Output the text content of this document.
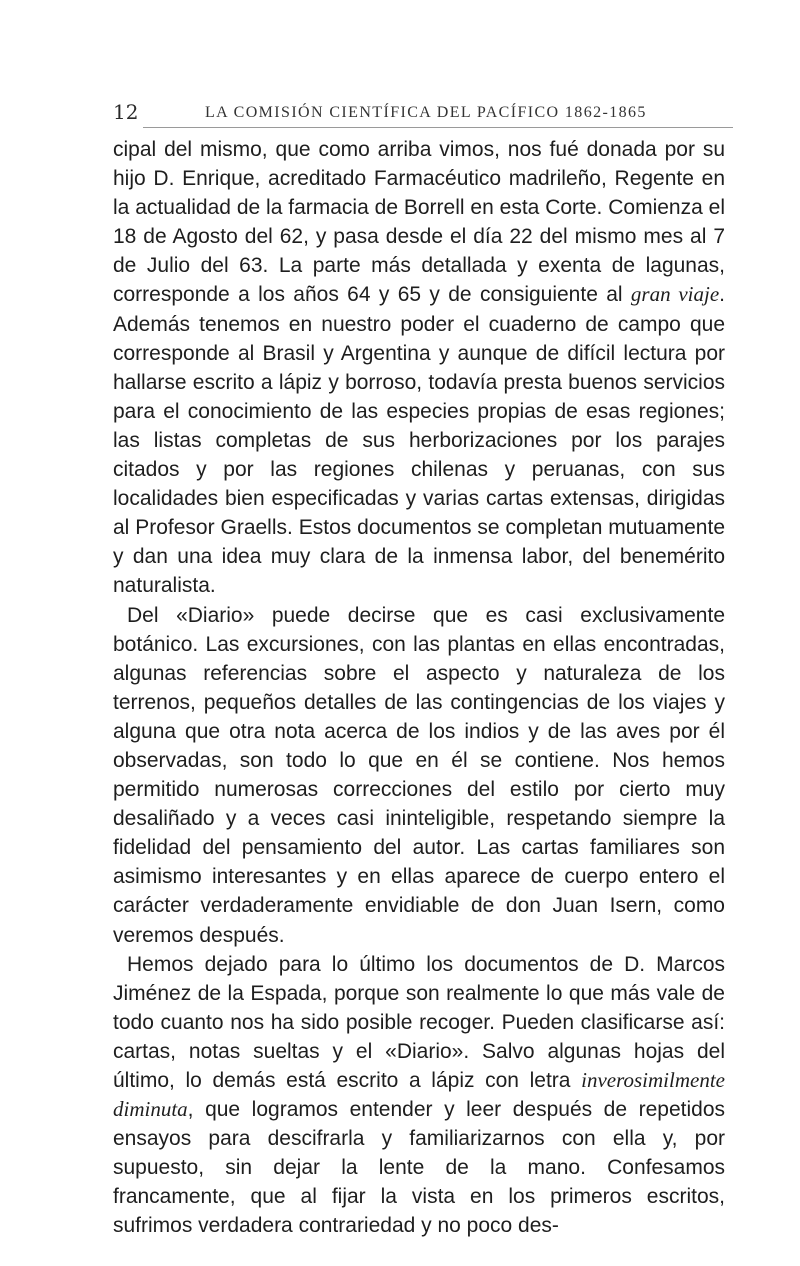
12	LA COMISIÓN CIENTÍFICA DEL PACÍFICO 1862-1865

cipal del mismo, que como arriba vimos, nos fué donada por su hijo D. Enrique, acreditado Farmacéutico madrileño, Regente en la actualidad de la farmacia de Borrell en esta Corte. Comienza el 18 de Agosto del 62, y pasa desde el día 22 del mismo mes al 7 de Julio del 63. La parte más detallada y exenta de lagunas, corresponde a los años 64 y 65 y de consiguiente al gran viaje. Además tenemos en nuestro poder el cuaderno de campo que corresponde al Brasil y Argentina y aunque de difícil lectura por hallarse escrito a lápiz y borroso, todavía presta buenos servicios para el conocimiento de las especies propias de esas regiones; las listas completas de sus herborizaciones por los parajes citados y por las regiones chilenas y peruanas, con sus localidades bien especificadas y varias cartas extensas, dirigidas al Profesor Graells. Estos documentos se completan mutuamente y dan una idea muy clara de la inmensa labor, del benemérito naturalista.

Del «Diario» puede decirse que es casi exclusivamente botánico. Las excursiones, con las plantas en ellas encontradas, algunas referencias sobre el aspecto y naturaleza de los terrenos, pequeños detalles de las contingencias de los viajes y alguna que otra nota acerca de los indios y de las aves por él observadas, son todo lo que en él se contiene. Nos hemos permitido numerosas correcciones del estilo por cierto muy desaliñado y a veces casi ininteligible, respetando siempre la fidelidad del pensamiento del autor. Las cartas familiares son asimismo interesantes y en ellas aparece de cuerpo entero el carácter verdaderamente envidiable de don Juan Isern, como veremos después.

Hemos dejado para lo último los documentos de D. Marcos Jiménez de la Espada, porque son realmente lo que más vale de todo cuanto nos ha sido posible recoger. Pueden clasificarse así: cartas, notas sueltas y el «Diario». Salvo algunas hojas del último, lo demás está escrito a lápiz con letra inverosimilmente diminuta, que logramos entender y leer después de repetidos ensayos para descifrarla y familiarizarnos con ella y, por supuesto, sin dejar la lente de la mano. Confesamos francamente, que al fijar la vista en los primeros escritos, sufrimos verdadera contrariedad y no poco des-
